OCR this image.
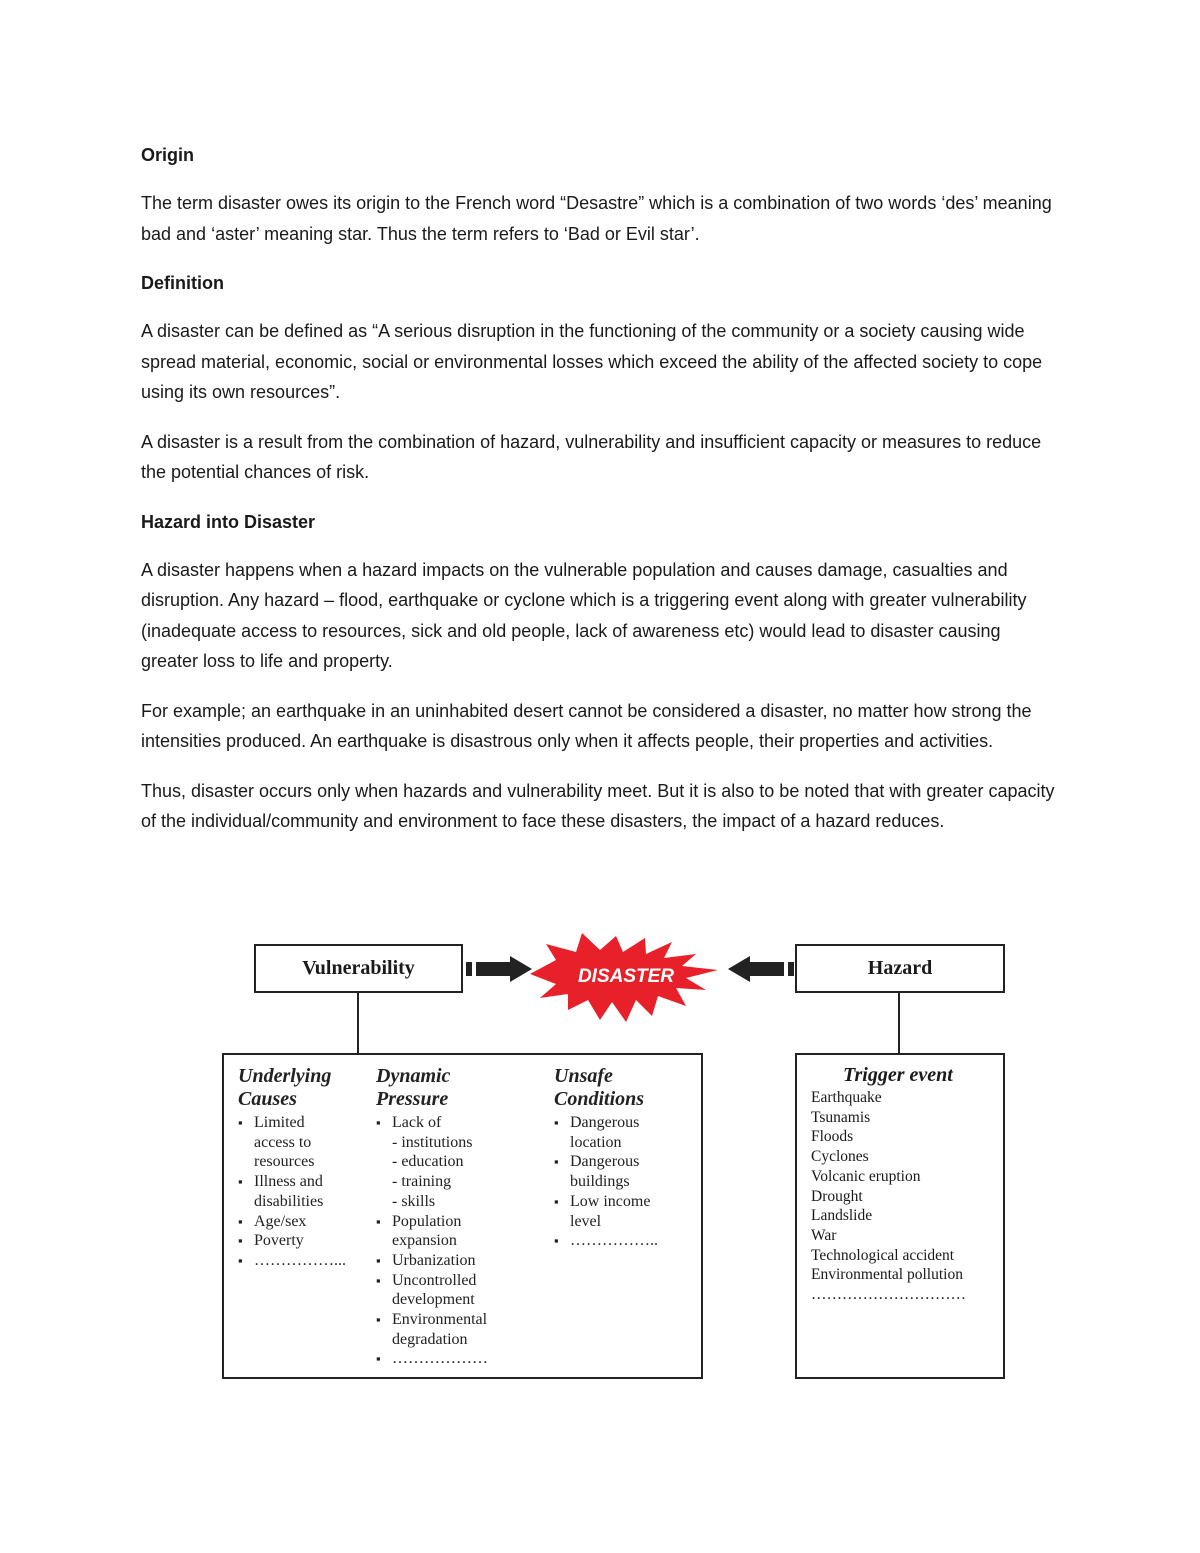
Origin

The term disaster owes its origin to the French word “Desastre” which is a combination of two words ‘des’ meaning bad and ‘aster’ meaning star. Thus the term refers to ‘Bad or Evil star’.

Definition

A disaster can be defined as “A serious disruption in the functioning of the community or a society causing wide spread material, economic, social or environmental losses which exceed the ability of the affected society to cope using its own resources”.

A disaster is a result from the combination of hazard, vulnerability and insufficient capacity or measures to reduce the potential chances of risk.

Hazard into Disaster

A disaster happens when a hazard impacts on the vulnerable population and causes damage, casualties and disruption. Any hazard – flood, earthquake or cyclone which is a triggering event along with greater vulnerability (inadequate access to resources, sick and old people, lack of awareness etc) would lead to disaster causing greater loss to life and property.

For example; an earthquake in an uninhabited desert cannot be considered a disaster, no matter how strong the intensities produced. An earthquake is disastrous only when it affects people, their properties and activities.

Thus, disaster occurs only when hazards and vulnerability meet. But it is also to be noted that with greater capacity of the individual/community and environment to face these disasters, the impact of a hazard reduces.

Vulnerability	Hazard
DISASTER
Underlying
Causes
▪ Limited
access to
resources
▪ Illness and
disabilities
▪ Age/sex
▪ Poverty
▪ ……………...
Dynamic
Pressure
▪ Lack of
- institutions
- education
- training
- skills
▪ Population
expansion
▪ Urbanization
▪ Uncontrolled
development
▪ Environmental
degradation
▪ ………………
Unsafe
Conditions
▪ Dangerous
location
▪ Dangerous
buildings
▪ Low income
level
▪ ……………..
Trigger event
Earthquake
Tsunamis
Floods
Cyclones
Volcanic eruption
Drought
Landslide
War
Technological accident
Environmental pollution
…………………………
